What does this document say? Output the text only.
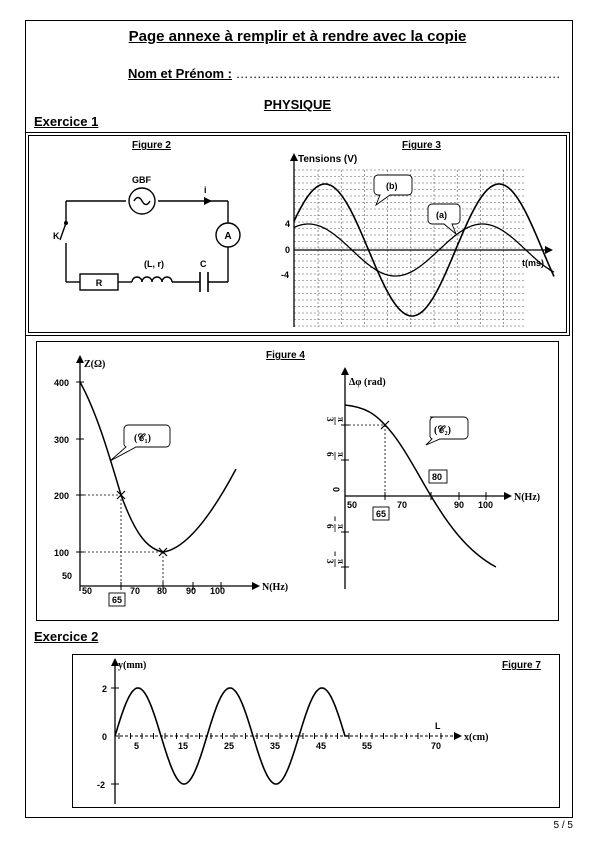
Page annexe à remplir et à rendre avec la copie
Nom et Prénom : …………………………………………………………………
PHYSIQUE
Exercice 1
Figure 2
K
GBF
i
A
R
(L, r)	C
Figure 3
Tensions (V)
t(ms)
4
0
-4
(b)
(a)
Figure 4
Z(Ω)
N(Hz)
400
300
200
100
50
50	70 80 90 100
65
(𝒞₁)
Δφ (rad)
N(Hz)
π
3
π
6
0
−
π
6
−
π
3
50	70	90 100
65
80
(𝒞₂)
Exercice 2
Figure 7
y(mm)
x(cm)
2
0
-2
5	15	25	35	45	55	70
L
5 / 5
